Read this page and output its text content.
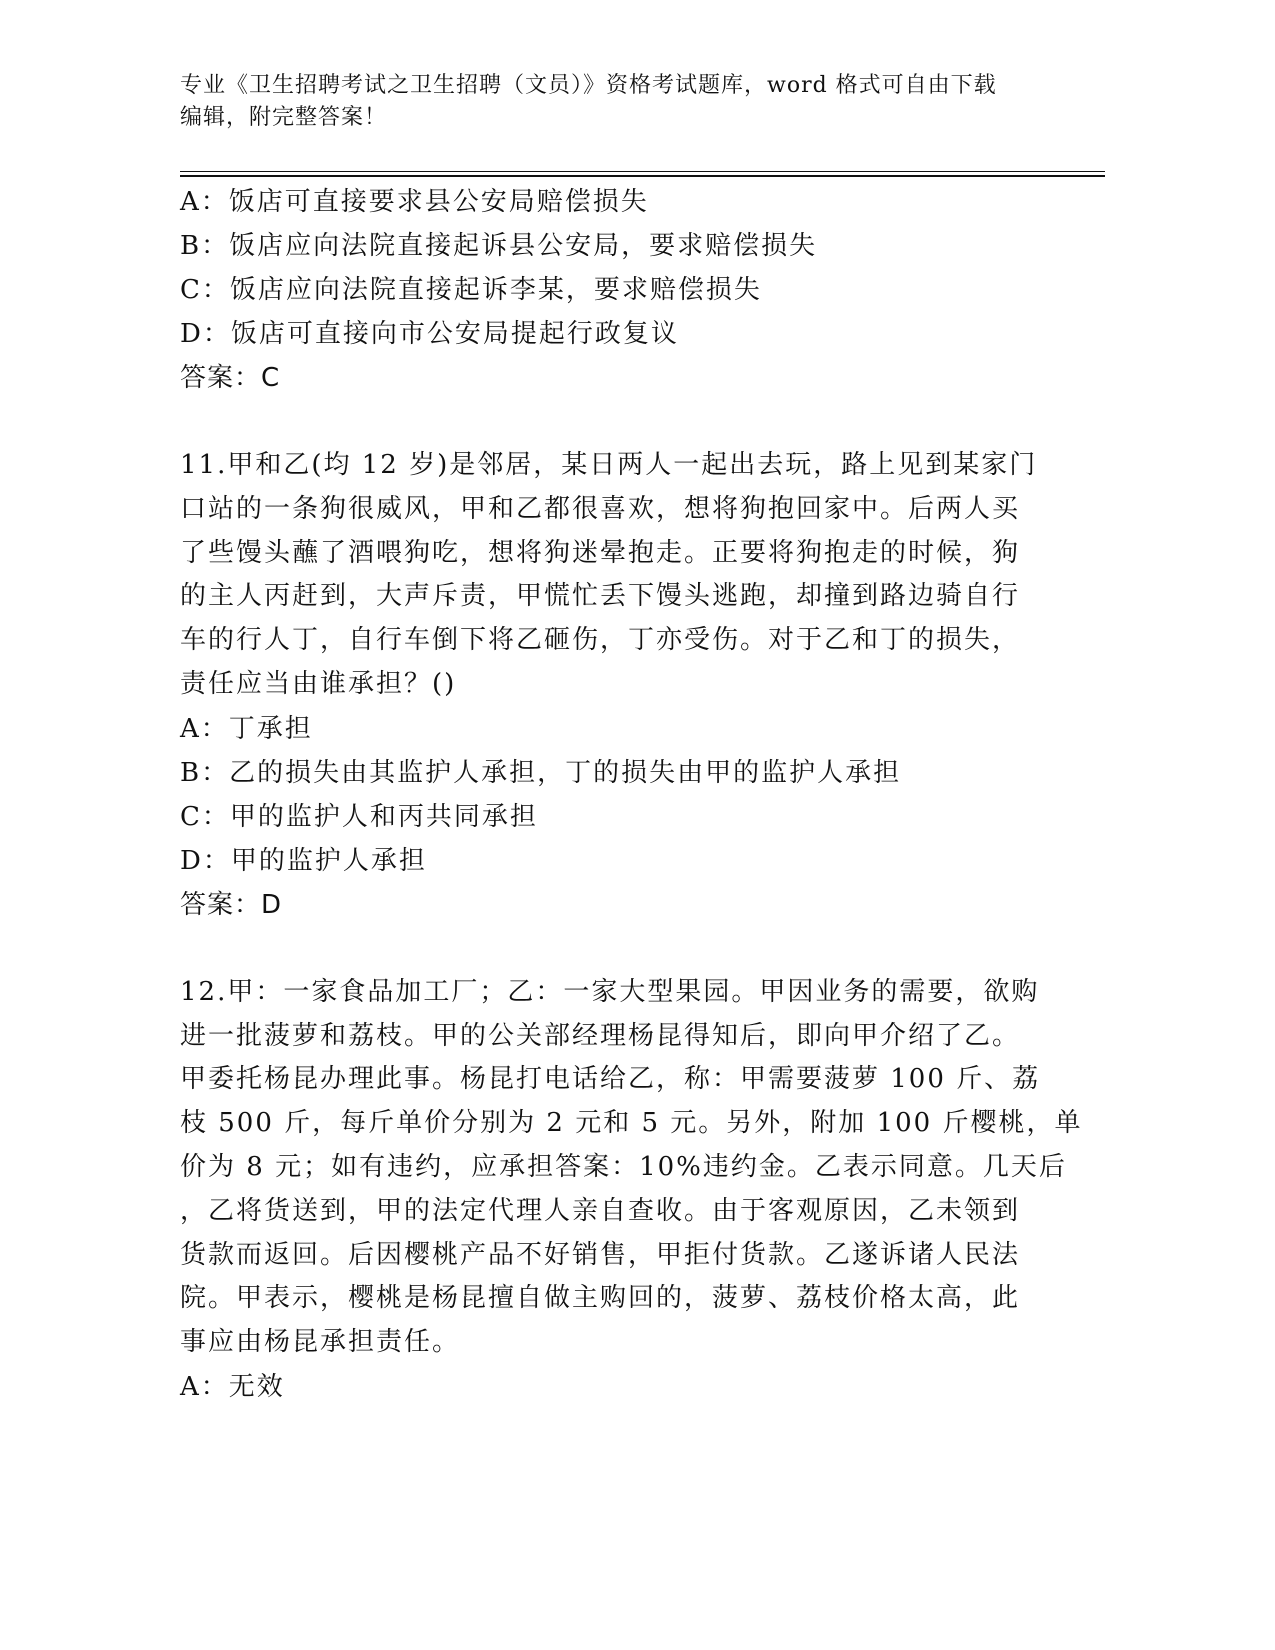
专业《卫生招聘考试之卫生招聘（文员）》资格考试题库，word 格式可自由下载
编辑，附完整答案！
A：饭店可直接要求县公安局赔偿损失
B：饭店应向法院直接起诉县公安局，要求赔偿损失
C：饭店应向法院直接起诉李某，要求赔偿损失
D：饭店可直接向市公安局提起行政复议
答案：C
11.甲和乙(均 12 岁)是邻居，某日两人一起出去玩，路上见到某家门
口站的一条狗很威风，甲和乙都很喜欢，想将狗抱回家中。后两人买
了些馒头蘸了酒喂狗吃，想将狗迷晕抱走。正要将狗抱走的时候，狗
的主人丙赶到，大声斥责，甲慌忙丢下馒头逃跑，却撞到路边骑自行
车的行人丁，自行车倒下将乙砸伤，丁亦受伤。对于乙和丁的损失，
责任应当由谁承担？()
A：丁承担
B：乙的损失由其监护人承担，丁的损失由甲的监护人承担
C：甲的监护人和丙共同承担
D：甲的监护人承担
答案：D
12.甲：一家食品加工厂；乙：一家大型果园。甲因业务的需要，欲购
进一批菠萝和荔枝。甲的公关部经理杨昆得知后，即向甲介绍了乙。
甲委托杨昆办理此事。杨昆打电话给乙，称：甲需要菠萝 100 斤、荔
枝 500 斤，每斤单价分别为 2 元和 5 元。另外，附加 100 斤樱桃，单
价为 8 元；如有违约，应承担答案：10%违约金。乙表示同意。几天后
，乙将货送到，甲的法定代理人亲自查收。由于客观原因，乙未领到
货款而返回。后因樱桃产品不好销售，甲拒付货款。乙遂诉诸人民法
院。甲表示，樱桃是杨昆擅自做主购回的，菠萝、荔枝价格太高，此
事应由杨昆承担责任。
A：无效
